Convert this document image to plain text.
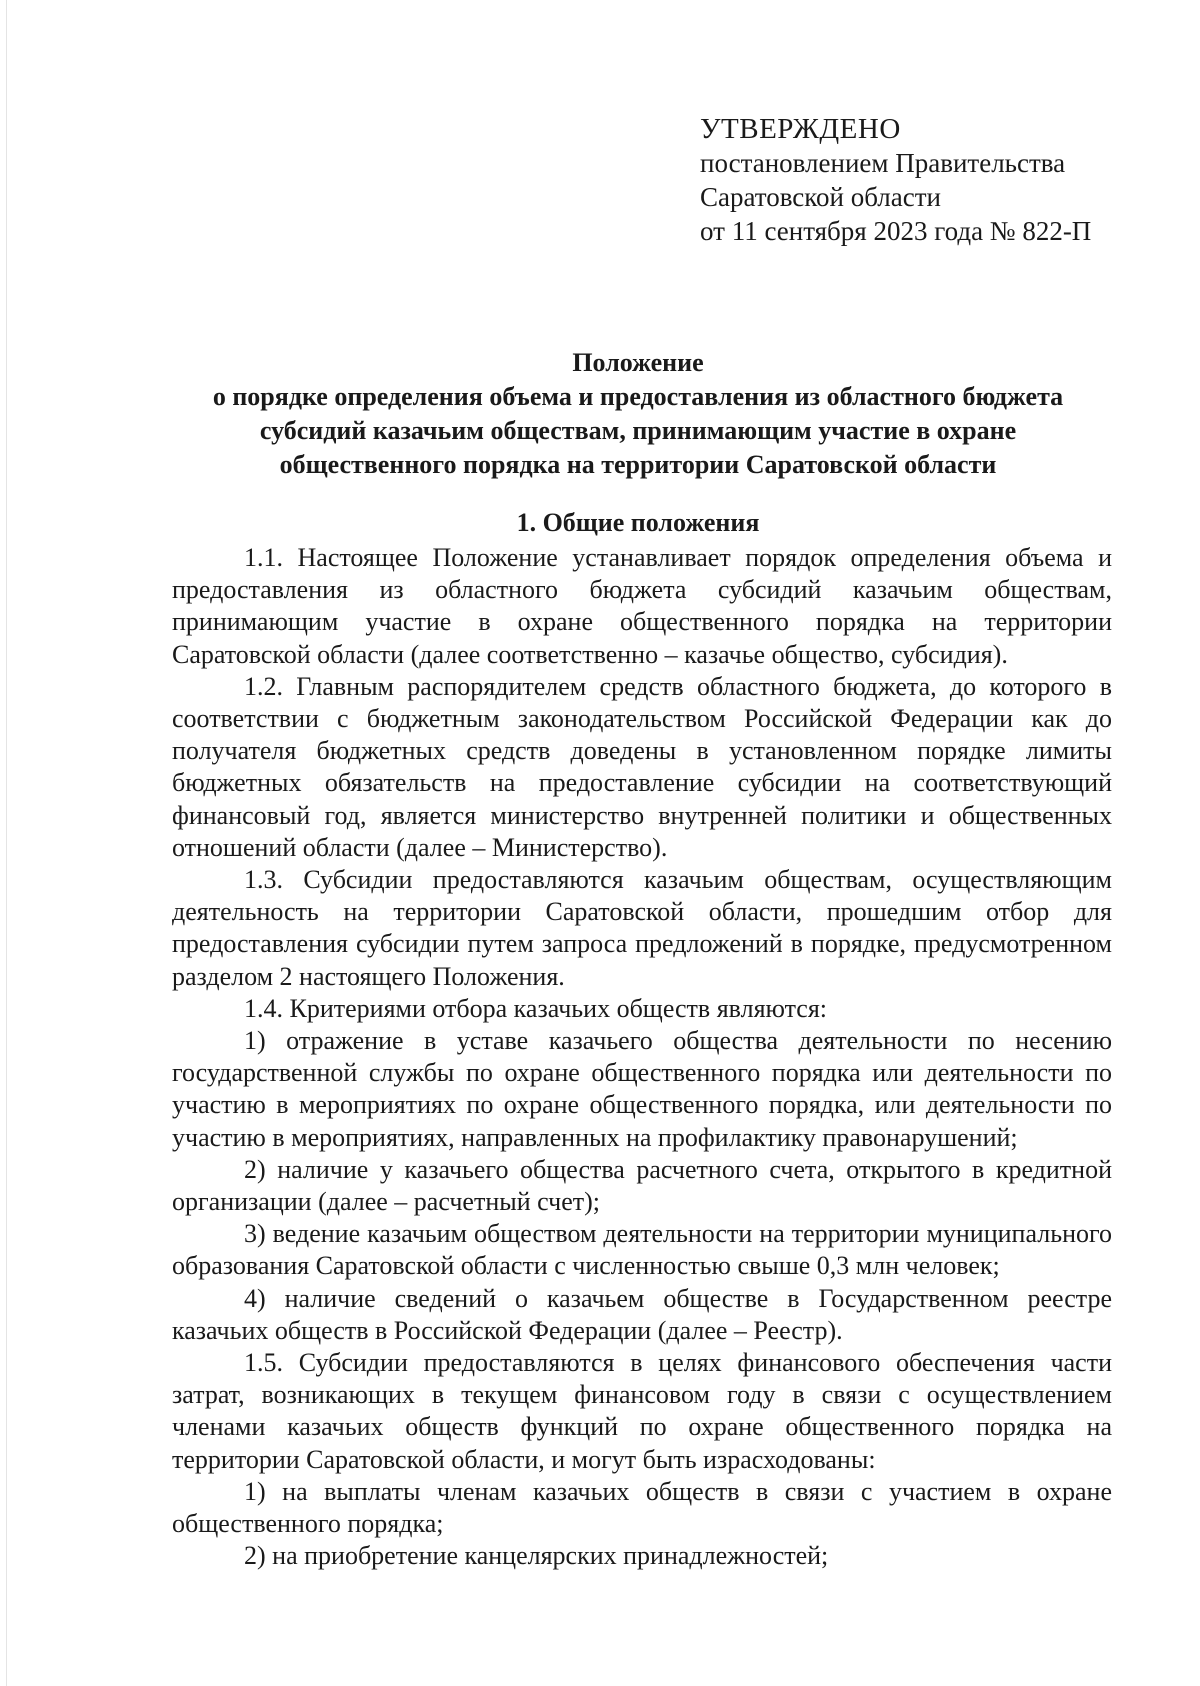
УТВЕРЖДЕНО
постановлением Правительства
Саратовской области
от 11 сентября 2023 года № 822-П
Положение
о порядке определения объема и предоставления из областного бюджета
субсидий казачьим обществам, принимающим участие в охране
общественного порядка на территории Саратовской области
1. Общие положения

1.1. Настоящее Положение устанавливает порядок определения объема и предоставления из областного бюджета субсидий казачьим обществам, принимающим участие в охране общественного порядка на территории Саратовской области (далее соответственно – казачье общество, субсидия).

1.2. Главным распорядителем средств областного бюджета, до которого в соответствии с бюджетным законодательством Российской Федерации как до получателя бюджетных средств доведены в установленном порядке лимиты бюджетных обязательств на предоставление субсидии на соответствующий финансовый год, является министерство внутренней политики и общественных отношений области (далее – Министерство).

1.3. Субсидии предоставляются казачьим обществам, осуществляющим деятельность на территории Саратовской области, прошедшим отбор для предоставления субсидии путем запроса предложений в порядке, предусмотренном разделом 2 настоящего Положения.

1.4. Критериями отбора казачьих обществ являются:

1) отражение в уставе казачьего общества деятельности по несению государственной службы по охране общественного порядка или деятельности по участию в мероприятиях по охране общественного порядка, или деятельности по участию в мероприятиях, направленных на профилактику правонарушений;

2) наличие у казачьего общества расчетного счета, открытого в кредитной организации (далее – расчетный счет);

3) ведение казачьим обществом деятельности на территории муниципального образования Саратовской области с численностью свыше 0,3 млн человек;

4) наличие сведений о казачьем обществе в Государственном реестре казачьих обществ в Российской Федерации (далее – Реестр).

1.5. Субсидии предоставляются в целях финансового обеспечения части затрат, возникающих в текущем финансовом году в связи с осуществлением членами казачьих обществ функций по охране общественного порядка на территории Саратовской области, и могут быть израсходованы:

1) на выплаты членам казачьих обществ в связи с участием в охране общественного порядка;

2) на приобретение канцелярских принадлежностей;
